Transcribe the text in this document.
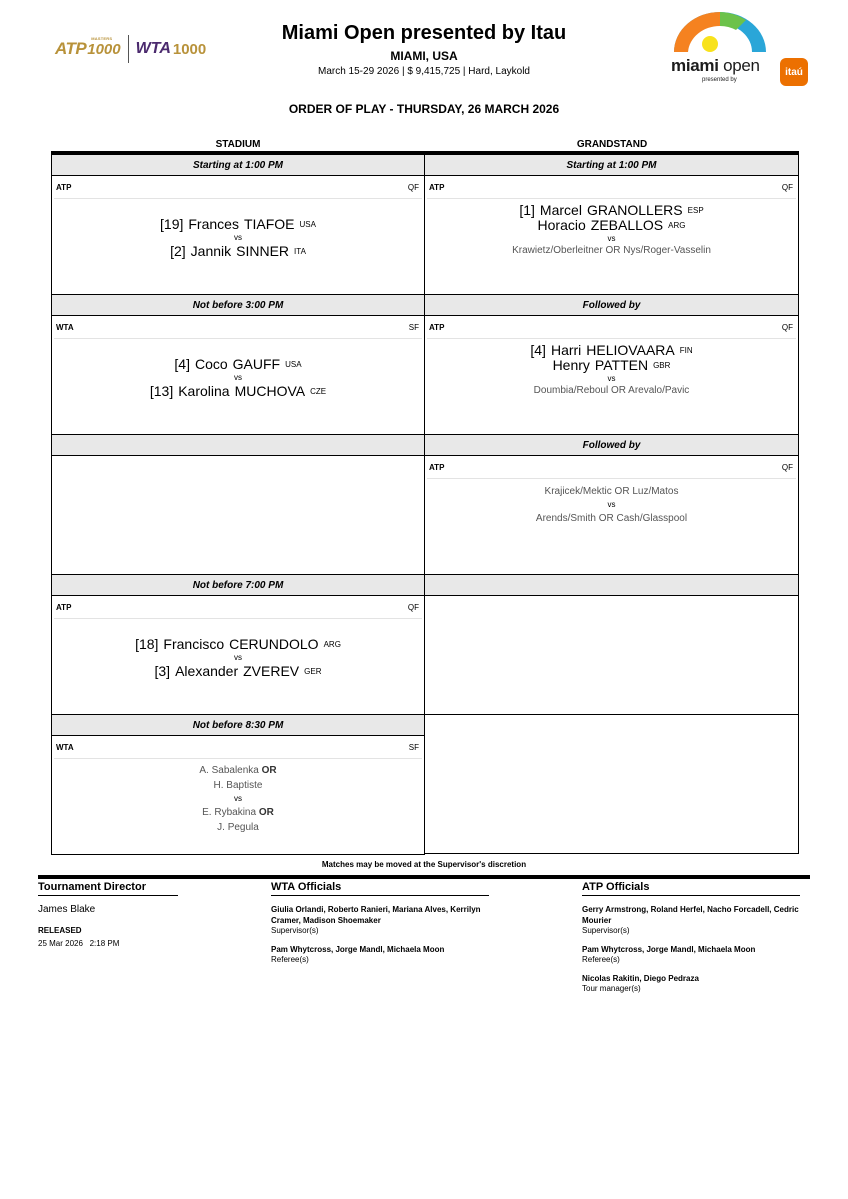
ATP
MASTERS
1000 WTA 1000
Miami Open presented by Itau
MIAMI, USA
March 15-29 2026 | $ 9,415,725 | Hard, Laykold	miami open
presented by
itaú
ORDER OF PLAY - THURSDAY, 26 MARCH 2026
STADIUM	GRANDSTAND
Starting at 1:00 PM
ATP	QF
[19] Frances TIAFOE USA
vs
[2] Jannik SINNER ITA
Not before 3:00 PM
WTA	SF
[4] Coco GAUFF USA
vs
[13] Karolina MUCHOVA CZE
Not before 7:00 PM
ATP	QF
[18] Francisco CERUNDOLO ARG
vs
[3] Alexander ZVEREV GER
Not before 8:30 PM
WTA	SF
A. Sabalenka OR
H. Baptiste
vs
E. Rybakina OR
J. Pegula
Starting at 1:00 PM
ATP	QF
[1] Marcel GRANOLLERS ESP
Horacio ZEBALLOS ARG
vs
Krawietz/Oberleitner OR Nys/Roger-Vasselin
Followed by
ATP	QF
[4] Harri HELIOVAARA FIN
Henry PATTEN GBR
vs
Doumbia/Reboul OR Arevalo/Pavic
Followed by
ATP	QF
Krajicek/Mektic OR Luz/Matos
vs
Arends/Smith OR Cash/Glasspool
Matches may be moved at the Supervisor's discretion
Tournament Director
James Blake
RELEASED
25 Mar 2026 2:18 PM
WTA Officials
Giulia Orlandi, Roberto Ranieri, Mariana Alves, Kerrilyn Cramer, Madison Shoemaker
Supervisor(s)
Pam Whytcross, Jorge Mandl, Michaela Moon
Referee(s)
ATP Officials
Gerry Armstrong, Roland Herfel, Nacho Forcadell, Cedric Mourier
Supervisor(s)
Pam Whytcross, Jorge Mandl, Michaela Moon
Referee(s)
Nicolas Rakitin, Diego Pedraza
Tour manager(s)
